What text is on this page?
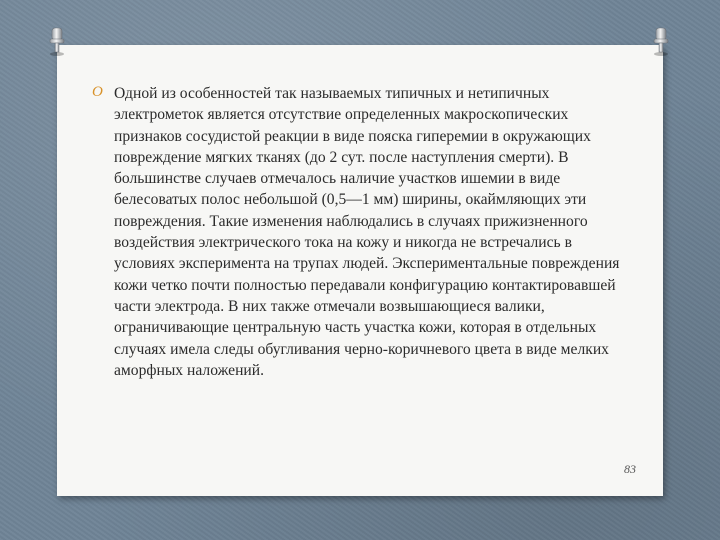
O Одной из особенностей так называемых типичных и нетипичных электрометок является отсутствие определенных макроскопических признаков сосудистой реакции в виде пояска гиперемии в окружающих повреждение мягких тканях (до 2 сут. после наступления смерти). В большинстве случаев отмечалось наличие участков ишемии в виде белесоватых полос небольшой (0,5—1 мм) ширины, окаймляющих эти повреждения. Такие изменения наблюдались в случаях прижизненного воздействия электрического тока на кожу и никогда не встречались в условиях эксперимента на трупах людей. Экспериментальные повреждения кожи четко почти полностью передавали конфигурацию контактировавшей части электрода. В них также отмечали возвышающиеся валики, ограничивающие центральную часть участка кожи, которая в отдельных случаях имела следы обугливания черно-коричневого цвета в виде мелких аморфных наложений.

83
